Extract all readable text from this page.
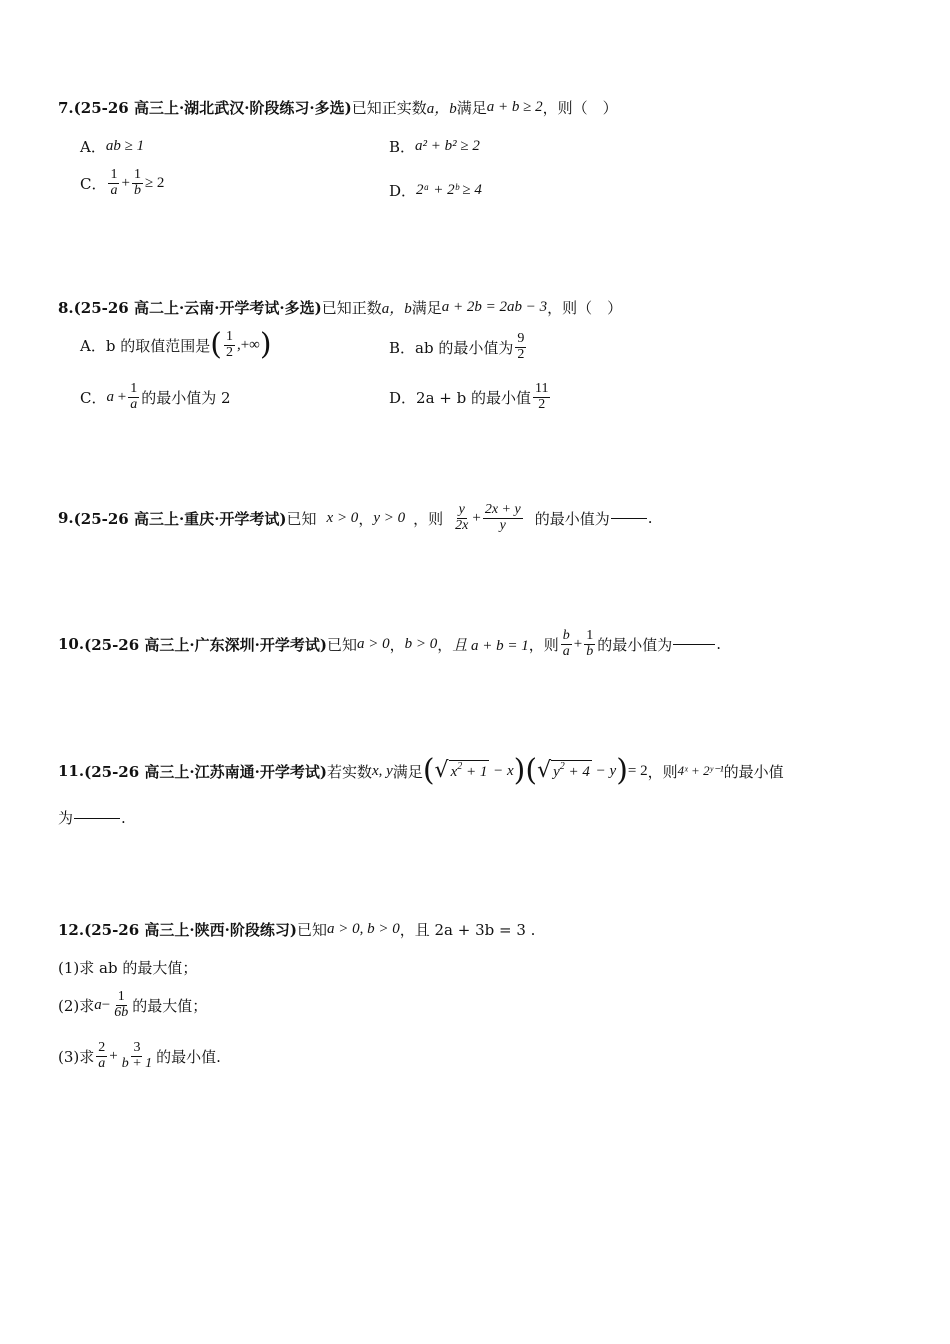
7. (25-26 高三上·湖北武汉·阶段练习·多选) 已知正实数 a，b 满足 a + b ≥ 2 ，则（　）
A． ab ≥ 1	B． a² + b² ≥ 2
C． $\frac{1}{a} + \frac{1}{b} \ge 2$	D． 2ᵃ + 2ᵇ ≥ 4
8. (25-26 高二上·云南·开学考试·多选) 已知正数 a，b 满足 a + 2b = 2ab − 3 ，则（　）
A． b 的取值范围是 ( $\frac{1}{2}$ ,+∞ )	B． ab 的最小值为 $\frac{9}{2}$
C． $a + \frac{1}{a}$ 的最小值为 2	D． 2a + b 的最小值 $\frac{11}{2}$
9. (25-26 高三上·重庆·开学考试) 已知 x > 0 ， y > 0 ，则 $\frac{y}{2x} + \frac{2x + y}{y}$ 的最小值为	.
10. (25-26 高三上·广东深圳·开学考试) 已知 a > 0 ， b > 0 ， 且 a + b = 1 ，则 $\frac{b}{a} + \frac{1}{b}$ 的最小值为	.
11. (25-26 高三上·江苏南通·开学考试) 若实数 x, y 满足 ( √ $x^2 + 1 - x$ ) ( √ $y^2 + 4 - y$ ) = 2 ，则 4ˣ + 2ʸ⁻¹ 的最小值
为	.
12. (25-26 高三上·陕西·阶段练习) 已知 a > 0, b > 0 ，且 2a + 3b = 3 .
(1)求 ab 的最大值；
(2)求 $a - \frac{1}{6b}$ 的最大值；
(3)求 $\frac{2}{a} + \frac{3}{b + 1}$ 的最小值.
